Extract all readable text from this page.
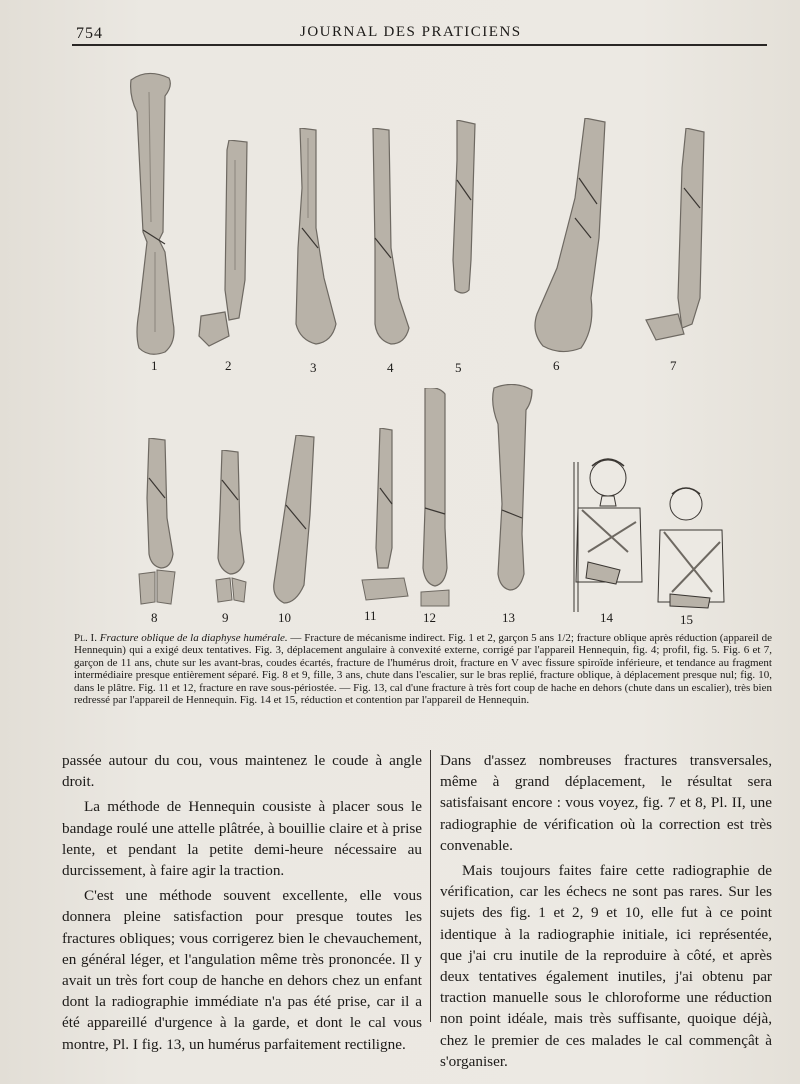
754	JOURNAL DES PRATICIENS
1	2	3	4	5	6	7
8	9	10	11	12	13	14	15
Pl. I. Fracture oblique de la diaphyse humérale. — Fracture de mécanisme indirect. Fig. 1 et 2, garçon 5 ans 1/2; fracture oblique après réduction (appareil de Hennequin) qui a exigé deux tentatives. Fig. 3, déplacement angulaire à convexité externe, corrigé par l'appareil Hennequin, fig. 4; profil, fig. 5. Fig. 6 et 7, garçon de 11 ans, chute sur les avant-bras, coudes écartés, fracture de l'humérus droit, fracture en V avec fissure spiroïde inférieure, et tendance au fragment intermédiaire presque entièrement séparé. Fig. 8 et 9, fille, 3 ans, chute dans l'escalier, sur le bras replié, fracture oblique, à déplacement presque nul; fig. 10, dans le plâtre. Fig. 11 et 12, fracture en rave sous-périostée. — Fig. 13, cal d'une fracture à très fort coup de hache en dehors (chute dans un escalier), très bien redressé par l'appareil de Hennequin. Fig. 14 et 15, réduction et contention par l'appareil de Hennequin.

passée autour du cou, vous maintenez le coude à angle droit.

La méthode de Hennequin cousiste à placer sous le bandage roulé une attelle plâtrée, à bouillie claire et à prise lente, et pendant la petite demi-heure nécessaire au durcissement, à faire agir la traction.

C'est une méthode souvent excellente, elle vous donnera pleine satisfaction pour presque toutes les fractures obliques; vous corrigerez bien le chevauchement, en général léger, et l'angulation même très prononcée. Il y avait un très fort coup de hanche en dehors chez un enfant dont la radiographie immédiate n'a pas été prise, car il a été appareillé d'urgence à la garde, et dont le cal vous montre, Pl. I fig. 13, un humérus parfaitement rectiligne.

Dans d'assez nombreuses fractures transversales, même à grand déplacement, le résultat sera satisfaisant encore : vous voyez, fig. 7 et 8, Pl. II, une radiographie de vérification où la correction est très convenable.

Mais toujours faites faire cette radiographie de vérification, car les échecs ne sont pas rares. Sur les sujets des fig. 1 et 2, 9 et 10, elle fut à ce point identique à la radiographie initiale, ici représentée, que j'ai cru inutile de la reproduire à côté, et après deux tentatives également inutiles, j'ai obtenu par traction manuelle sous le chloroforme une réduction non point idéale, mais très suffisante, quoique déjà, chez le premier de ces malades le cal commençât à s'organiser.
